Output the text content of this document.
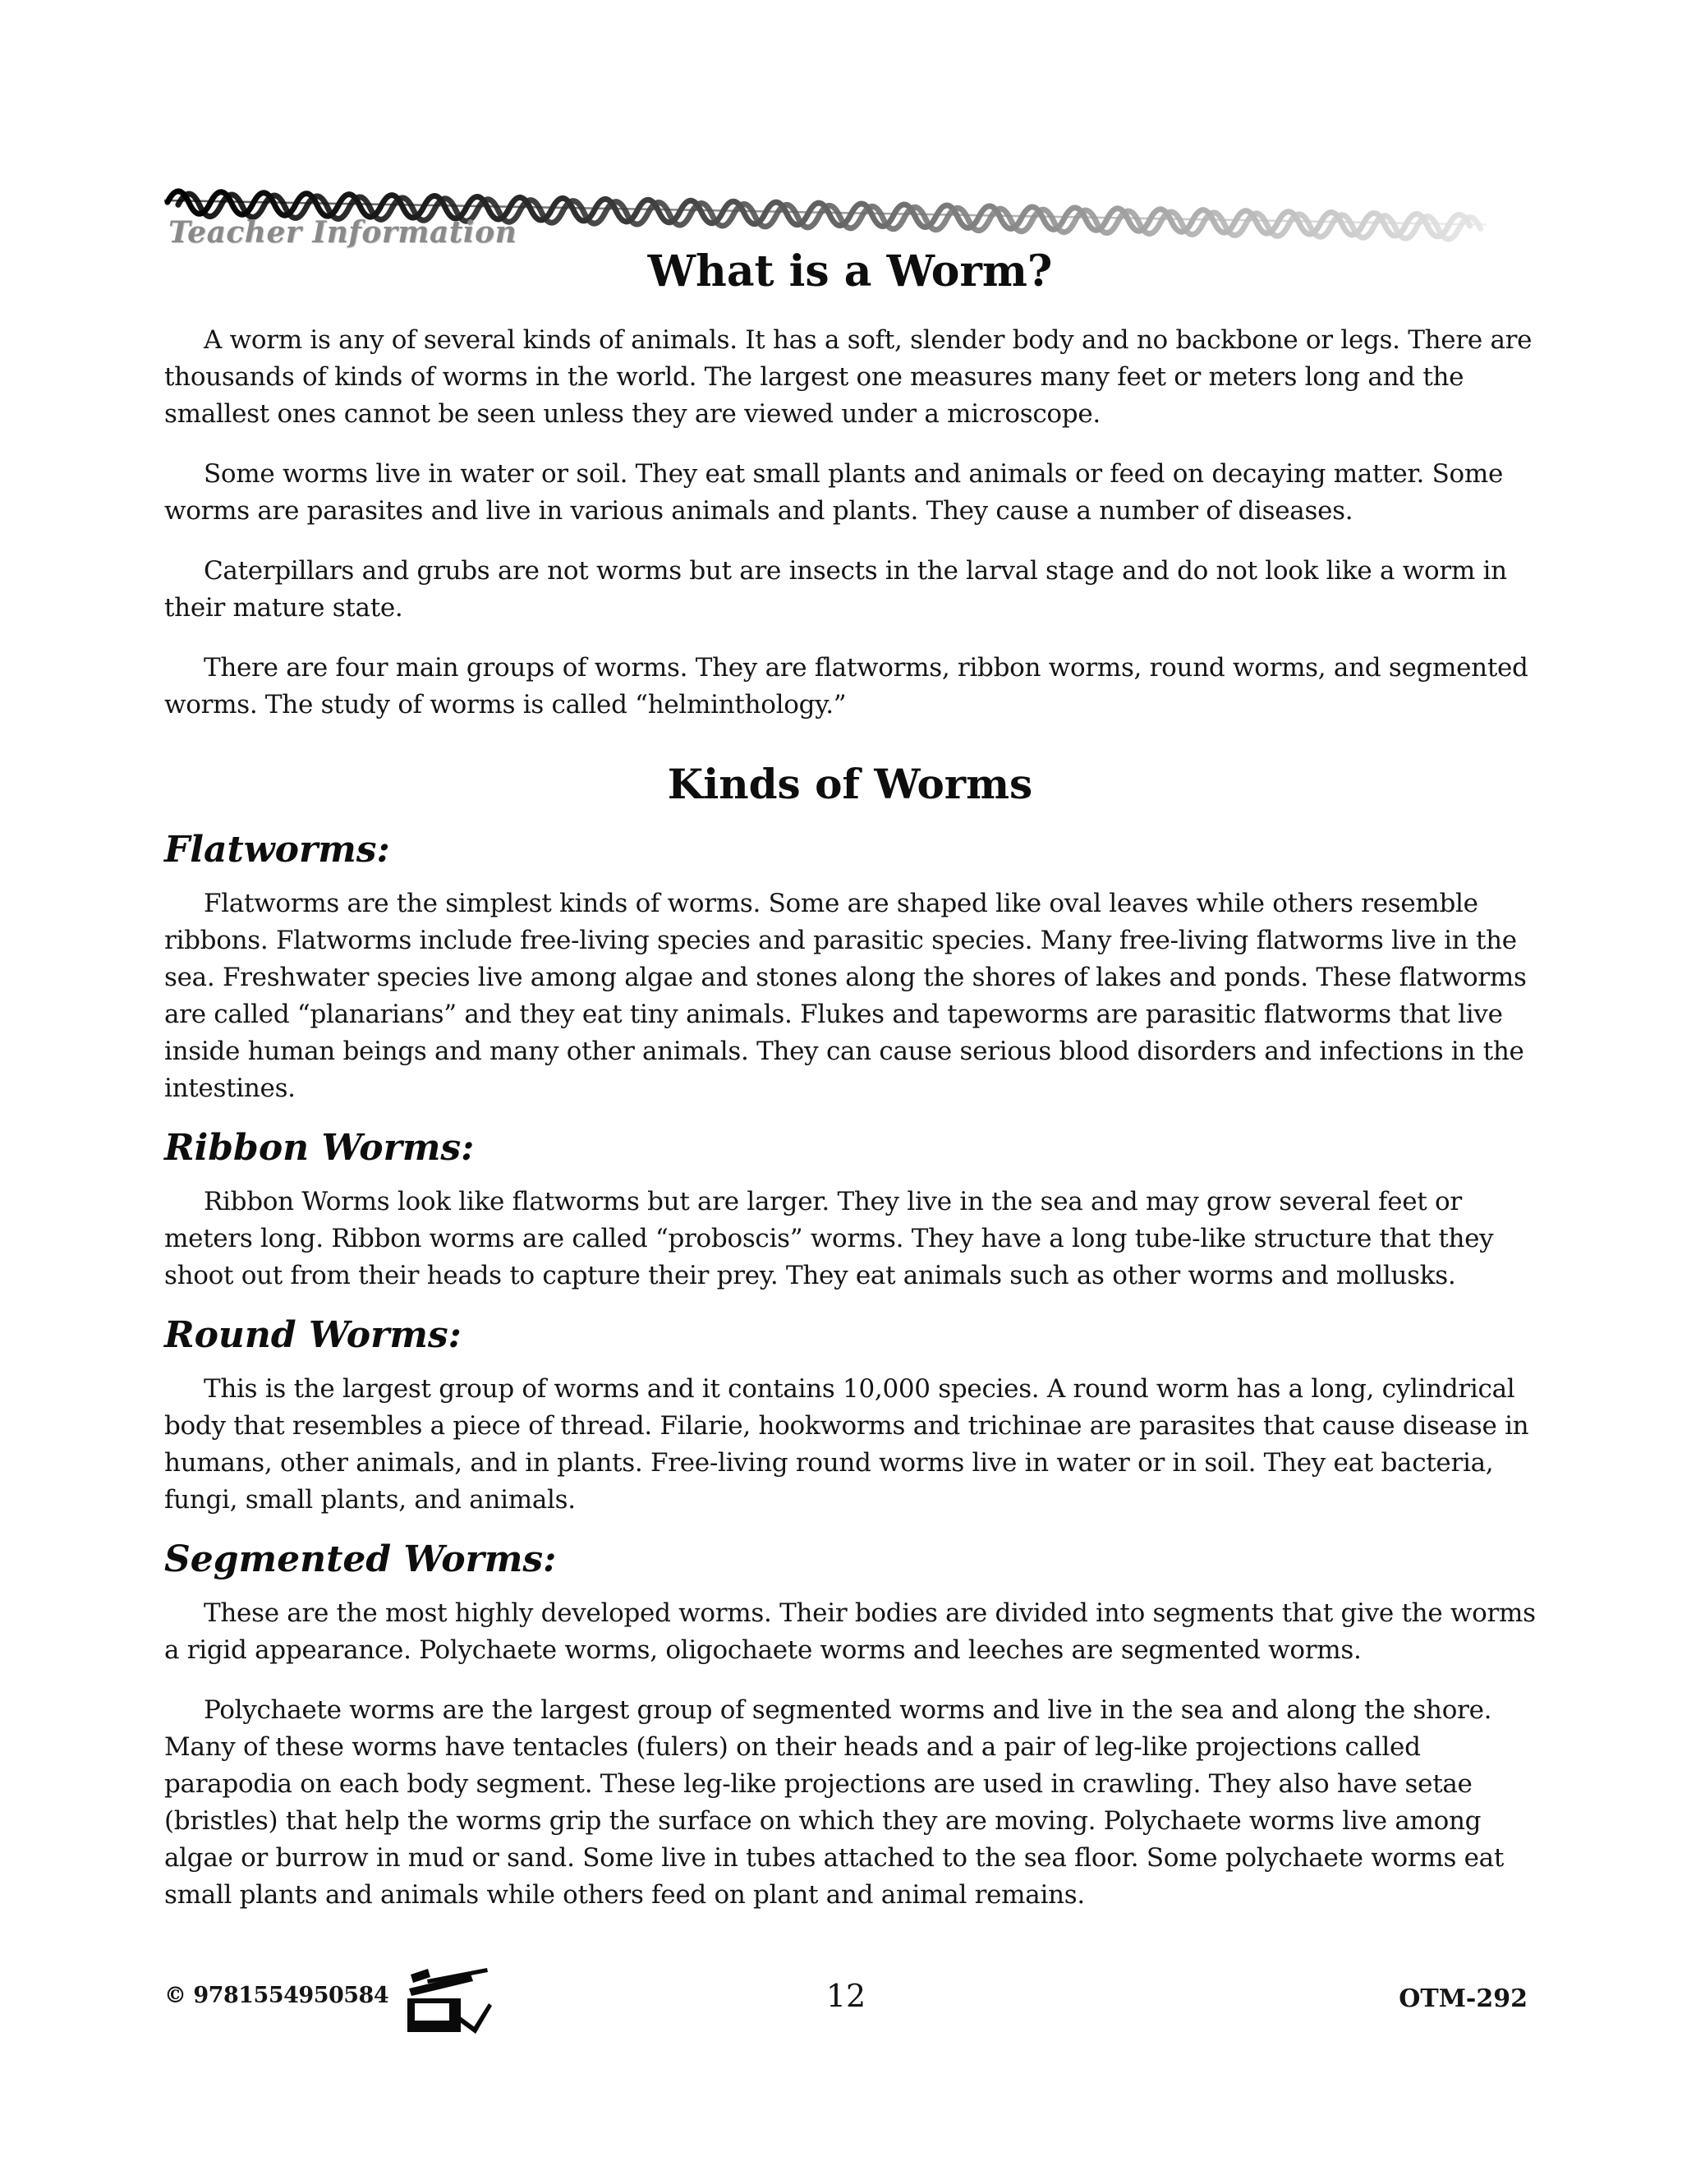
Teacher Information
What is a Worm?

A worm is any of several kinds of animals. It has a soft, slender body and no backbone or legs. There are thousands of kinds of worms in the world. The largest one measures many feet or meters long and the smallest ones cannot be seen unless they are viewed under a microscope.

Some worms live in water or soil. They eat small plants and animals or feed on decaying matter. Some worms are parasites and live in various animals and plants. They cause a number of diseases.

Caterpillars and grubs are not worms but are insects in the larval stage and do not look like a worm in their mature state.

There are four main groups of worms. They are flatworms, ribbon worms, round worms, and segmented worms. The study of worms is called “helminthology.”

Kinds of Worms
Flatworms:

Flatworms are the simplest kinds of worms. Some are shaped like oval leaves while others resemble ribbons. Flatworms include free-living species and parasitic species. Many free-living flatworms live in the sea. Freshwater species live among algae and stones along the shores of lakes and ponds. These flatworms are called “planarians” and they eat tiny animals. Flukes and tapeworms are parasitic flatworms that live inside human beings and many other animals. They can cause serious blood disorders and infections in the intestines.

Ribbon Worms:

Ribbon Worms look like flatworms but are larger. They live in the sea and may grow several feet or meters long. Ribbon worms are called “proboscis” worms. They have a long tube-like structure that they shoot out from their heads to capture their prey. They eat animals such as other worms and mollusks.

Round Worms:

This is the largest group of worms and it contains 10,000 species. A round worm has a long, cylindrical body that resembles a piece of thread. Filarie, hookworms and trichinae are parasites that cause disease in humans, other animals, and in plants. Free-living round worms live in water or in soil. They eat bacteria, fungi, small plants, and animals.

Segmented Worms:

These are the most highly developed worms. Their bodies are divided into segments that give the worms a rigid appearance. Polychaete worms, oligochaete worms and leeches are segmented worms.

Polychaete worms are the largest group of segmented worms and live in the sea and along the shore. Many of these worms have tentacles (fulers) on their heads and a pair of leg-like projections called parapodia on each body segment. These leg-like projections are used in crawling. They also have setae (bristles) that help the worms grip the surface on which they are moving. Polychaete worms live among algae or burrow in mud or sand. Some live in tubes attached to the sea floor. Some polychaete worms eat small plants and animals while others feed on plant and animal remains.

© 9781554950584	12	OTM-292
